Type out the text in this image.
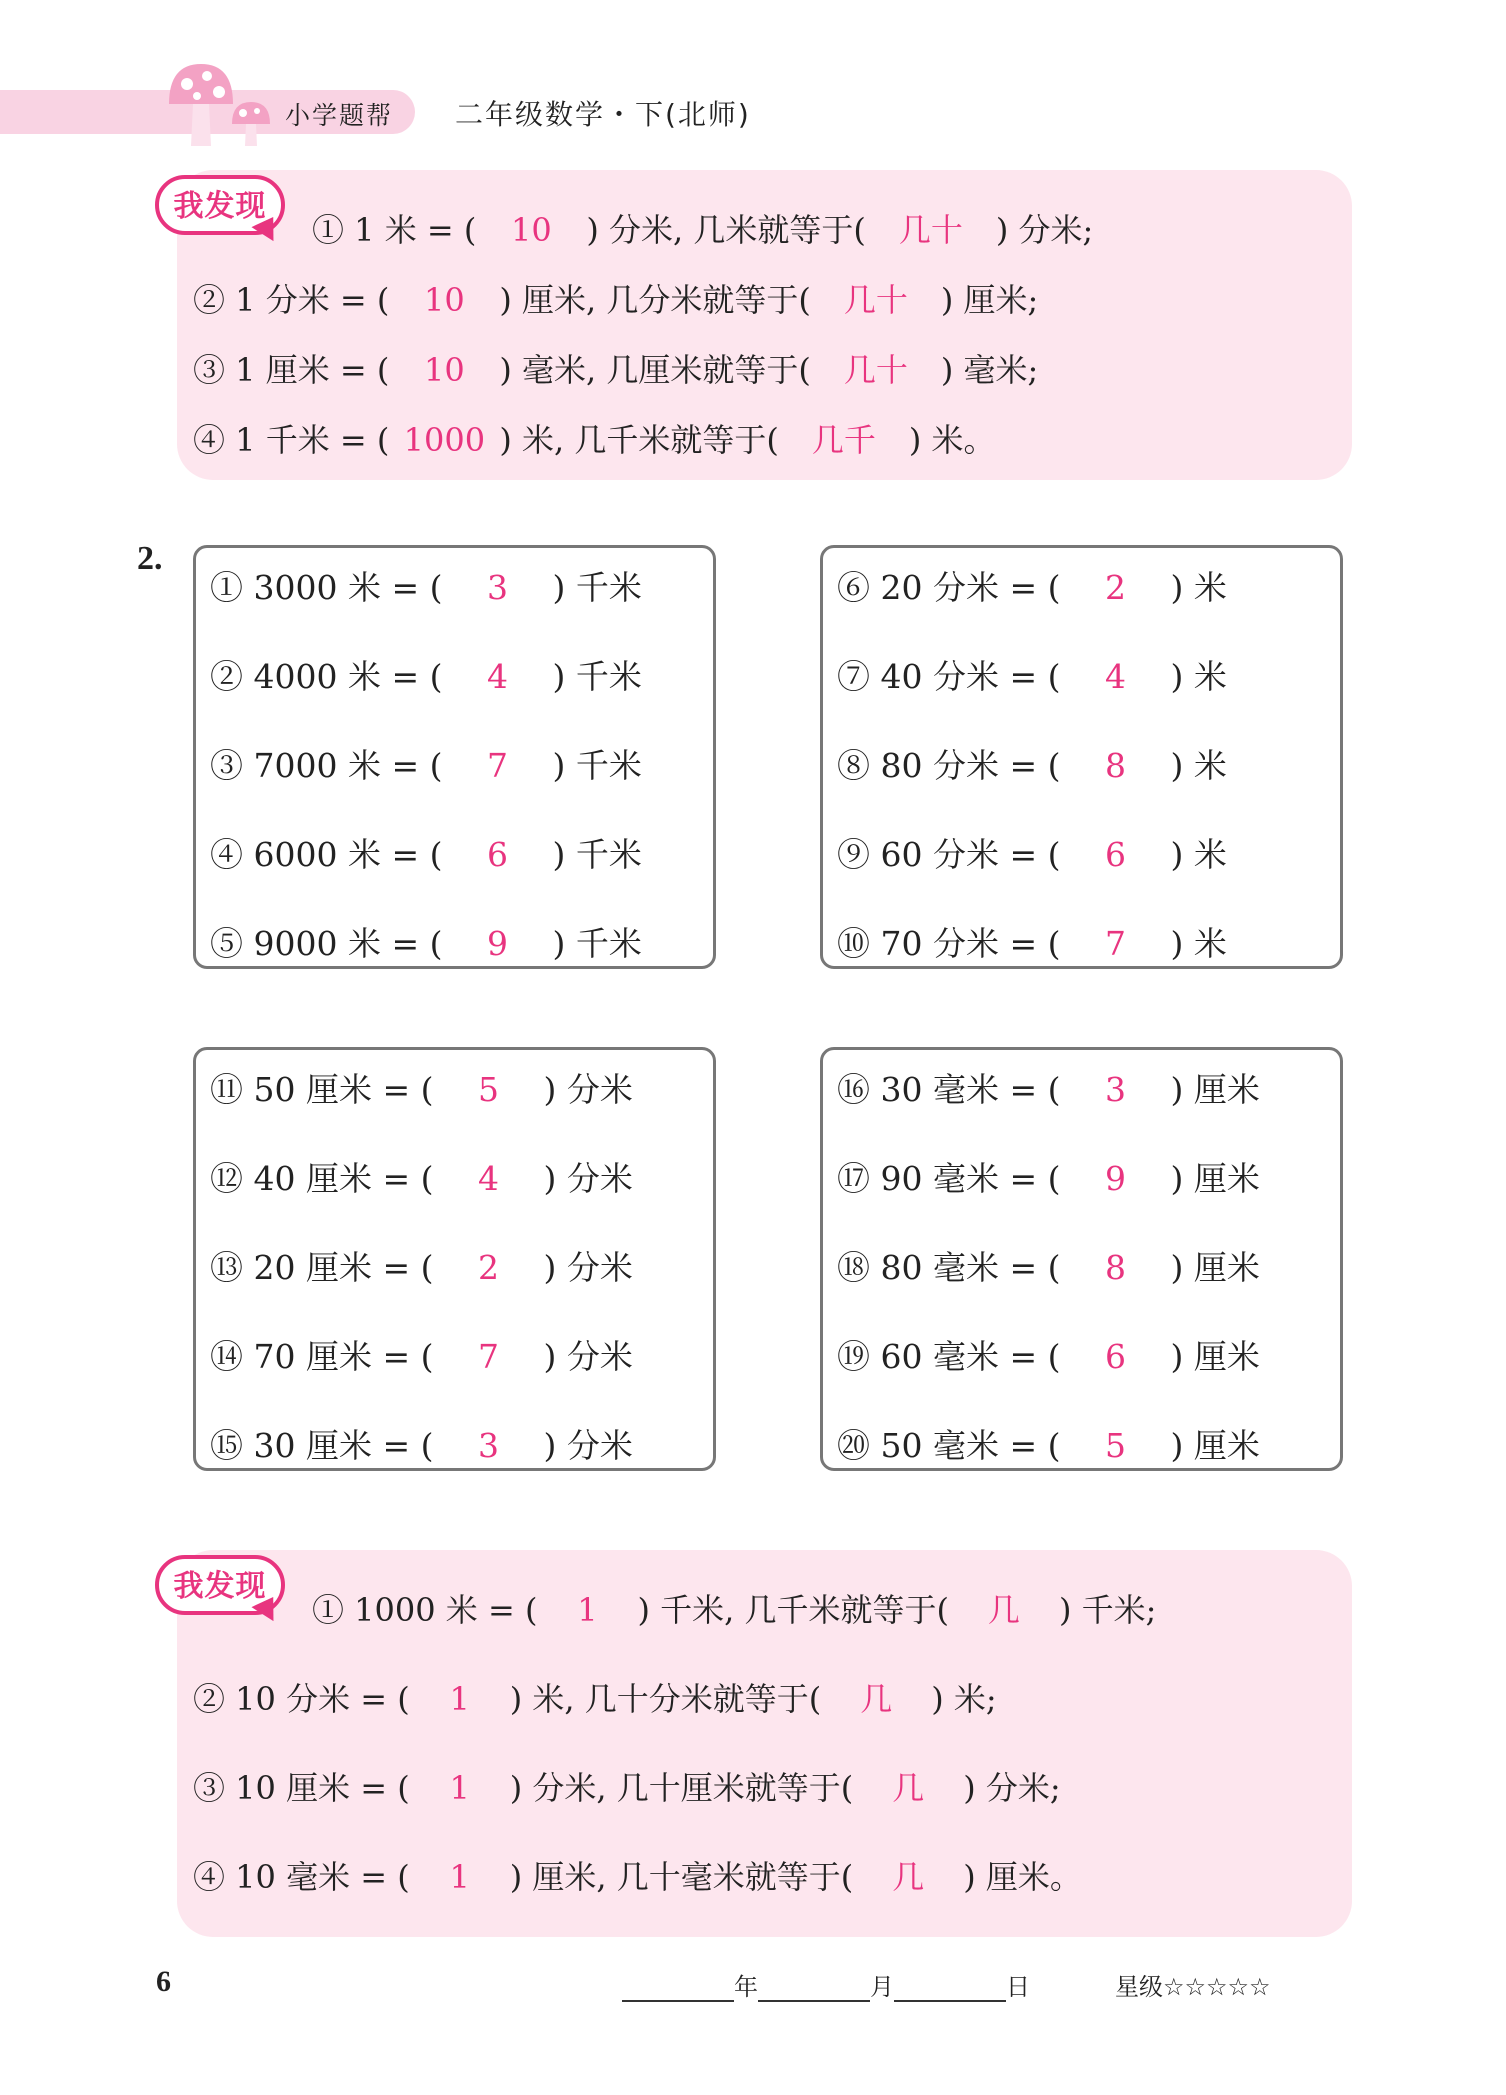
小学题帮 二年级数学・下(北师)
我发现
① 1 米 = ( 10 ) 分米, 几米就等于( 几十 ) 分米;
② 1 分米 = ( 10 ) 厘米, 几分米就等于( 几十 ) 厘米;
③ 1 厘米 = ( 10 ) 毫米, 几厘米就等于( 几十 ) 毫米;
④ 1 千米 = ( 1000 ) 米, 几千米就等于( 几千 ) 米。
2.
① 3000 米 = ( 3 ) 千米
② 4000 米 = ( 4 ) 千米
③ 7000 米 = ( 7 ) 千米
④ 6000 米 = ( 6 ) 千米
⑤ 9000 米 = ( 9 ) 千米
⑥ 20 分米 = ( 2 ) 米
⑦ 40 分米 = ( 4 ) 米
⑧ 80 分米 = ( 8 ) 米
⑨ 60 分米 = ( 6 ) 米
⑩ 70 分米 = ( 7 ) 米
⑪ 50 厘米 = ( 5 ) 分米
⑫ 40 厘米 = ( 4 ) 分米
⑬ 20 厘米 = ( 2 ) 分米
⑭ 70 厘米 = ( 7 ) 分米
⑮ 30 厘米 = ( 3 ) 分米
⑯ 30 毫米 = ( 3 ) 厘米
⑰ 90 毫米 = ( 9 ) 厘米
⑱ 80 毫米 = ( 8 ) 厘米
⑲ 60 毫米 = ( 6 ) 厘米
⑳ 50 毫米 = ( 5 ) 厘米
我发现
① 1000 米 = ( 1 ) 千米, 几千米就等于( 几 ) 千米;
② 10 分米 = ( 1 ) 米, 几十分米就等于( 几 ) 米;
③ 10 厘米 = ( 1 ) 分米, 几十厘米就等于( 几 ) 分米;
④ 10 毫米 = ( 1 ) 厘米, 几十毫米就等于( 几 ) 厘米。
6	年	月	日	星级☆☆☆☆☆
